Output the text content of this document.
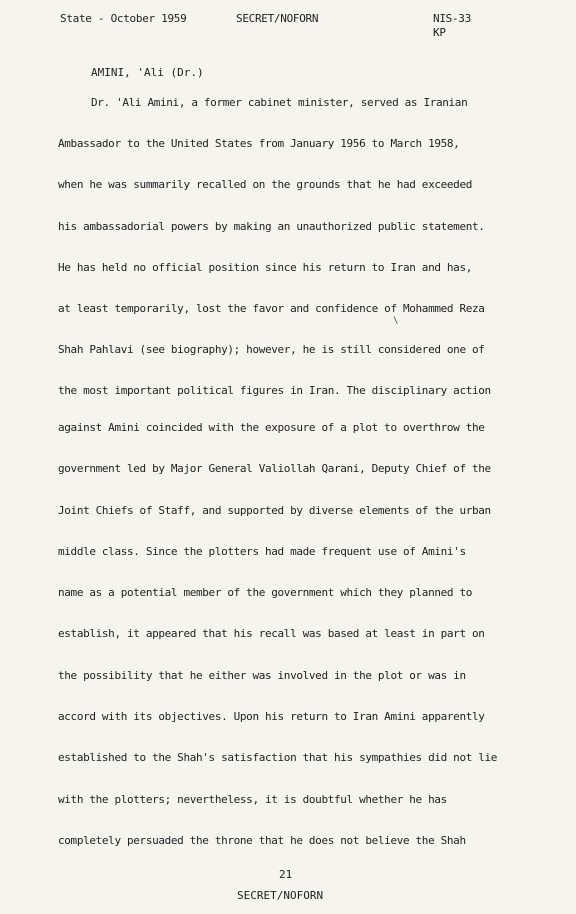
State - October 1959	SECRET/NOFORN	NIS-33
KP
AMINI, 'Ali (Dr.)
Dr. 'Ali Amini, a former cabinet minister, served as Iranian
Ambassador to the United States from January 1956 to March 1958,
when he was summarily recalled on the grounds that he had exceeded
his ambassadorial powers by making an unauthorized public statement.
He has held no official position since his return to Iran and has,
at least temporarily, lost the favor and confidence of Mohammed Reza
Shah Pahlavi (see biography); however, he is still considered one of
the most important political figures in Iran. The disciplinary action
against Amini coincided with the exposure of a plot to overthrow the
government led by Major General Valiollah Qarani, Deputy Chief of the
Joint Chiefs of Staff, and supported by diverse elements of the urban
middle class. Since the plotters had made frequent use of Amini's
name as a potential member of the government which they planned to
establish, it appeared that his recall was based at least in part on
the possibility that he either was involved in the plot or was in
accord with its objectives. Upon his return to Iran Amini apparently
established to the Shah's satisfaction that his sympathies did not lie
with the plotters; nevertheless, it is doubtful whether he has
completely persuaded the throne that he does not believe the Shah
\
21
SECRET/NOFORN
